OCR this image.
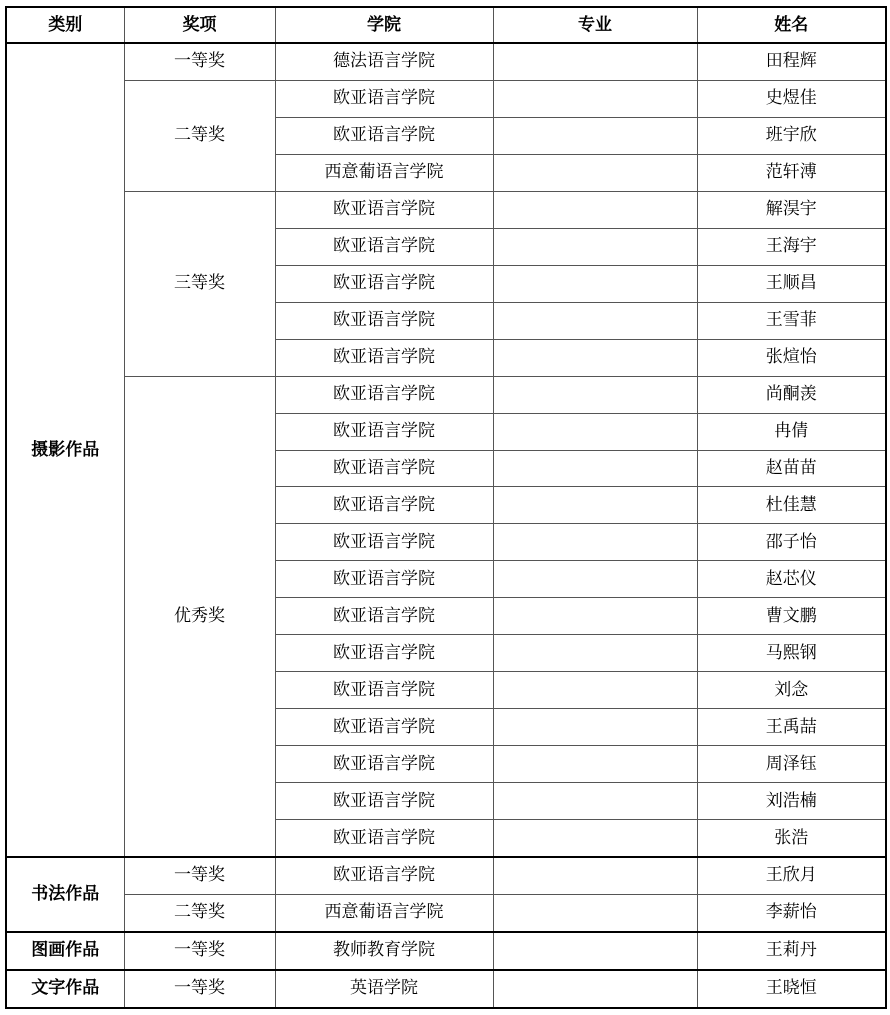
类别	奖项	学院	专业	姓名
摄影作品	一等奖	德法语言学院		田程辉
	二等奖	欧亚语言学院		史煜佳
		欧亚语言学院		班宇欣
		西意葡语言学院		范轩溥
	三等奖	欧亚语言学院		解淏宇
		欧亚语言学院		王海宇
		欧亚语言学院		王顺昌
		欧亚语言学院		王雪菲
		欧亚语言学院		张煊怡
	优秀奖	欧亚语言学院		尚酮羡
		欧亚语言学院		冉倩
		欧亚语言学院		赵苗苗
		欧亚语言学院		杜佳慧
		欧亚语言学院		邵子怡
		欧亚语言学院		赵芯仪
		欧亚语言学院		曹文鹏
		欧亚语言学院		马熙钢
		欧亚语言学院		刘念
		欧亚语言学院		王禹喆
		欧亚语言学院		周泽钰
		欧亚语言学院		刘浩楠
		欧亚语言学院		张浩
书法作品	一等奖	欧亚语言学院		王欣月
	二等奖	西意葡语言学院		李薪怡
图画作品	一等奖	教师教育学院		王莉丹
文字作品	一等奖	英语学院		王晓恒
